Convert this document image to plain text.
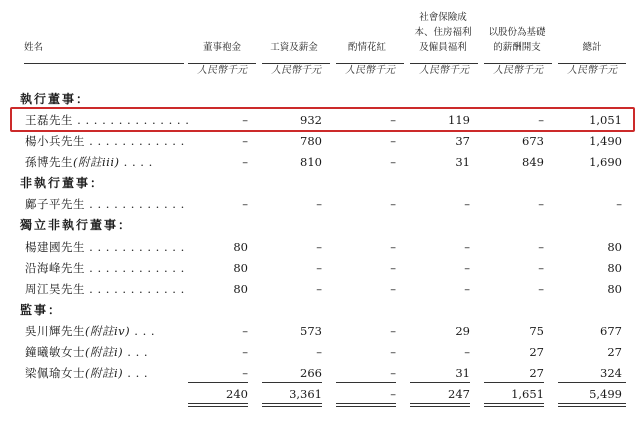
姓名	董事袍金	工資及薪金	酌情花紅
社會保險成
本、住房福利
及僱員福利
以股份為基礎
的薪酬開支	總計
人民幣千元	人民幣千元	人民幣千元	人民幣千元	人民幣千元	人民幣千元
執行董事：
非執行董事：
獨立非執行董事：
監事：
王磊先生 . . . . . . . . . . . . . .	–	932	–	119	–	1,051
楊小兵先生 . . . . . . . . . . . .	–	780	–	37	673	1,490
孫博先生(附註iii) . . . .	–	810	–	31	849	1,690
鄺子平先生 . . . . . . . . . . . .	–	–	–	–	–	–
楊建國先生 . . . . . . . . . . . .	80	–	–	–	–	80
沿海峰先生 . . . . . . . . . . . .	80	–	–	–	–	80
周江昊先生 . . . . . . . . . . . .	80	–	–	–	–	80
吳川輝先生(附註iv) . . .	–	573	–	29	75	677
鐘曦敏女士(附註i) . . .	–	–	–	–	27	27
梁佩瑜女士(附註i) . . .	–	266	–	31	27	324
240	3,361	–	247	1,651	5,499
